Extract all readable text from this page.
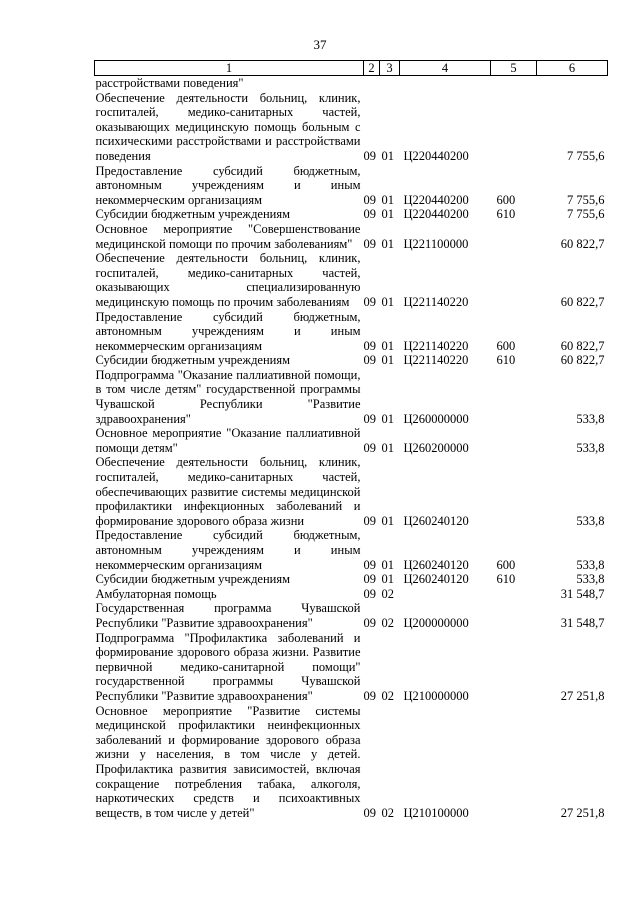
37
1	2	3	4	5	6
расстройствами поведения"					
Обеспечение деятельности больниц, клиник, госпиталей, медико-санитарных частей, оказывающих медицинскую помощь больным с психическими расстройствами и расстройствами поведения	09	01	Ц220440200		7 755,6
Предоставление субсидий бюджетным, автономным учреждениям и иным некоммерческим организациям	09	01	Ц220440200	600	7 755,6
Субсидии бюджетным учреждениям	09	01	Ц220440200	610	7 755,6
Основное мероприятие "Совершенствование медицинской помощи по прочим заболеваниям"	09	01	Ц221100000		60 822,7
Обеспечение деятельности больниц, клиник, госпиталей, медико-санитарных частей, оказывающих специализированную медицинскую помощь по прочим заболеваниям	09	01	Ц221140220		60 822,7
Предоставление субсидий бюджетным, автономным учреждениям и иным некоммерческим организациям	09	01	Ц221140220	600	60 822,7
Субсидии бюджетным учреждениям	09	01	Ц221140220	610	60 822,7
Подпрограмма "Оказание паллиативной помощи, в том числе детям" государственной программы Чувашской Республики "Развитие здравоохранения"	09	01	Ц260000000		533,8
Основное мероприятие "Оказание паллиативной помощи детям"	09	01	Ц260200000		533,8
Обеспечение деятельности больниц, клиник, госпиталей, медико-санитарных частей, обеспечивающих развитие системы медицинской профилактики инфекционных заболеваний и формирование здорового образа жизни	09	01	Ц260240120		533,8
Предоставление субсидий бюджетным, автономным учреждениям и иным некоммерческим организациям	09	01	Ц260240120	600	533,8
Субсидии бюджетным учреждениям	09	01	Ц260240120	610	533,8
Амбулаторная помощь	09	02			31 548,7
Государственная программа Чувашской Республики "Развитие здравоохранения"	09	02	Ц200000000		31 548,7
Подпрограмма "Профилактика заболеваний и формирование здорового образа жизни. Развитие первичной медико-санитарной помощи" государственной программы Чувашской Республики "Развитие здравоохранения"	09	02	Ц210000000		27 251,8
Основное мероприятие "Развитие системы медицинской профилактики неинфекционных заболеваний и формирование здорового образа жизни у населения, в том числе у детей. Профилактика развития зависимостей, включая сокращение потребления табака, алкоголя, наркотических средств и психоактивных веществ, в том числе у детей"	09	02	Ц210100000		27 251,8
